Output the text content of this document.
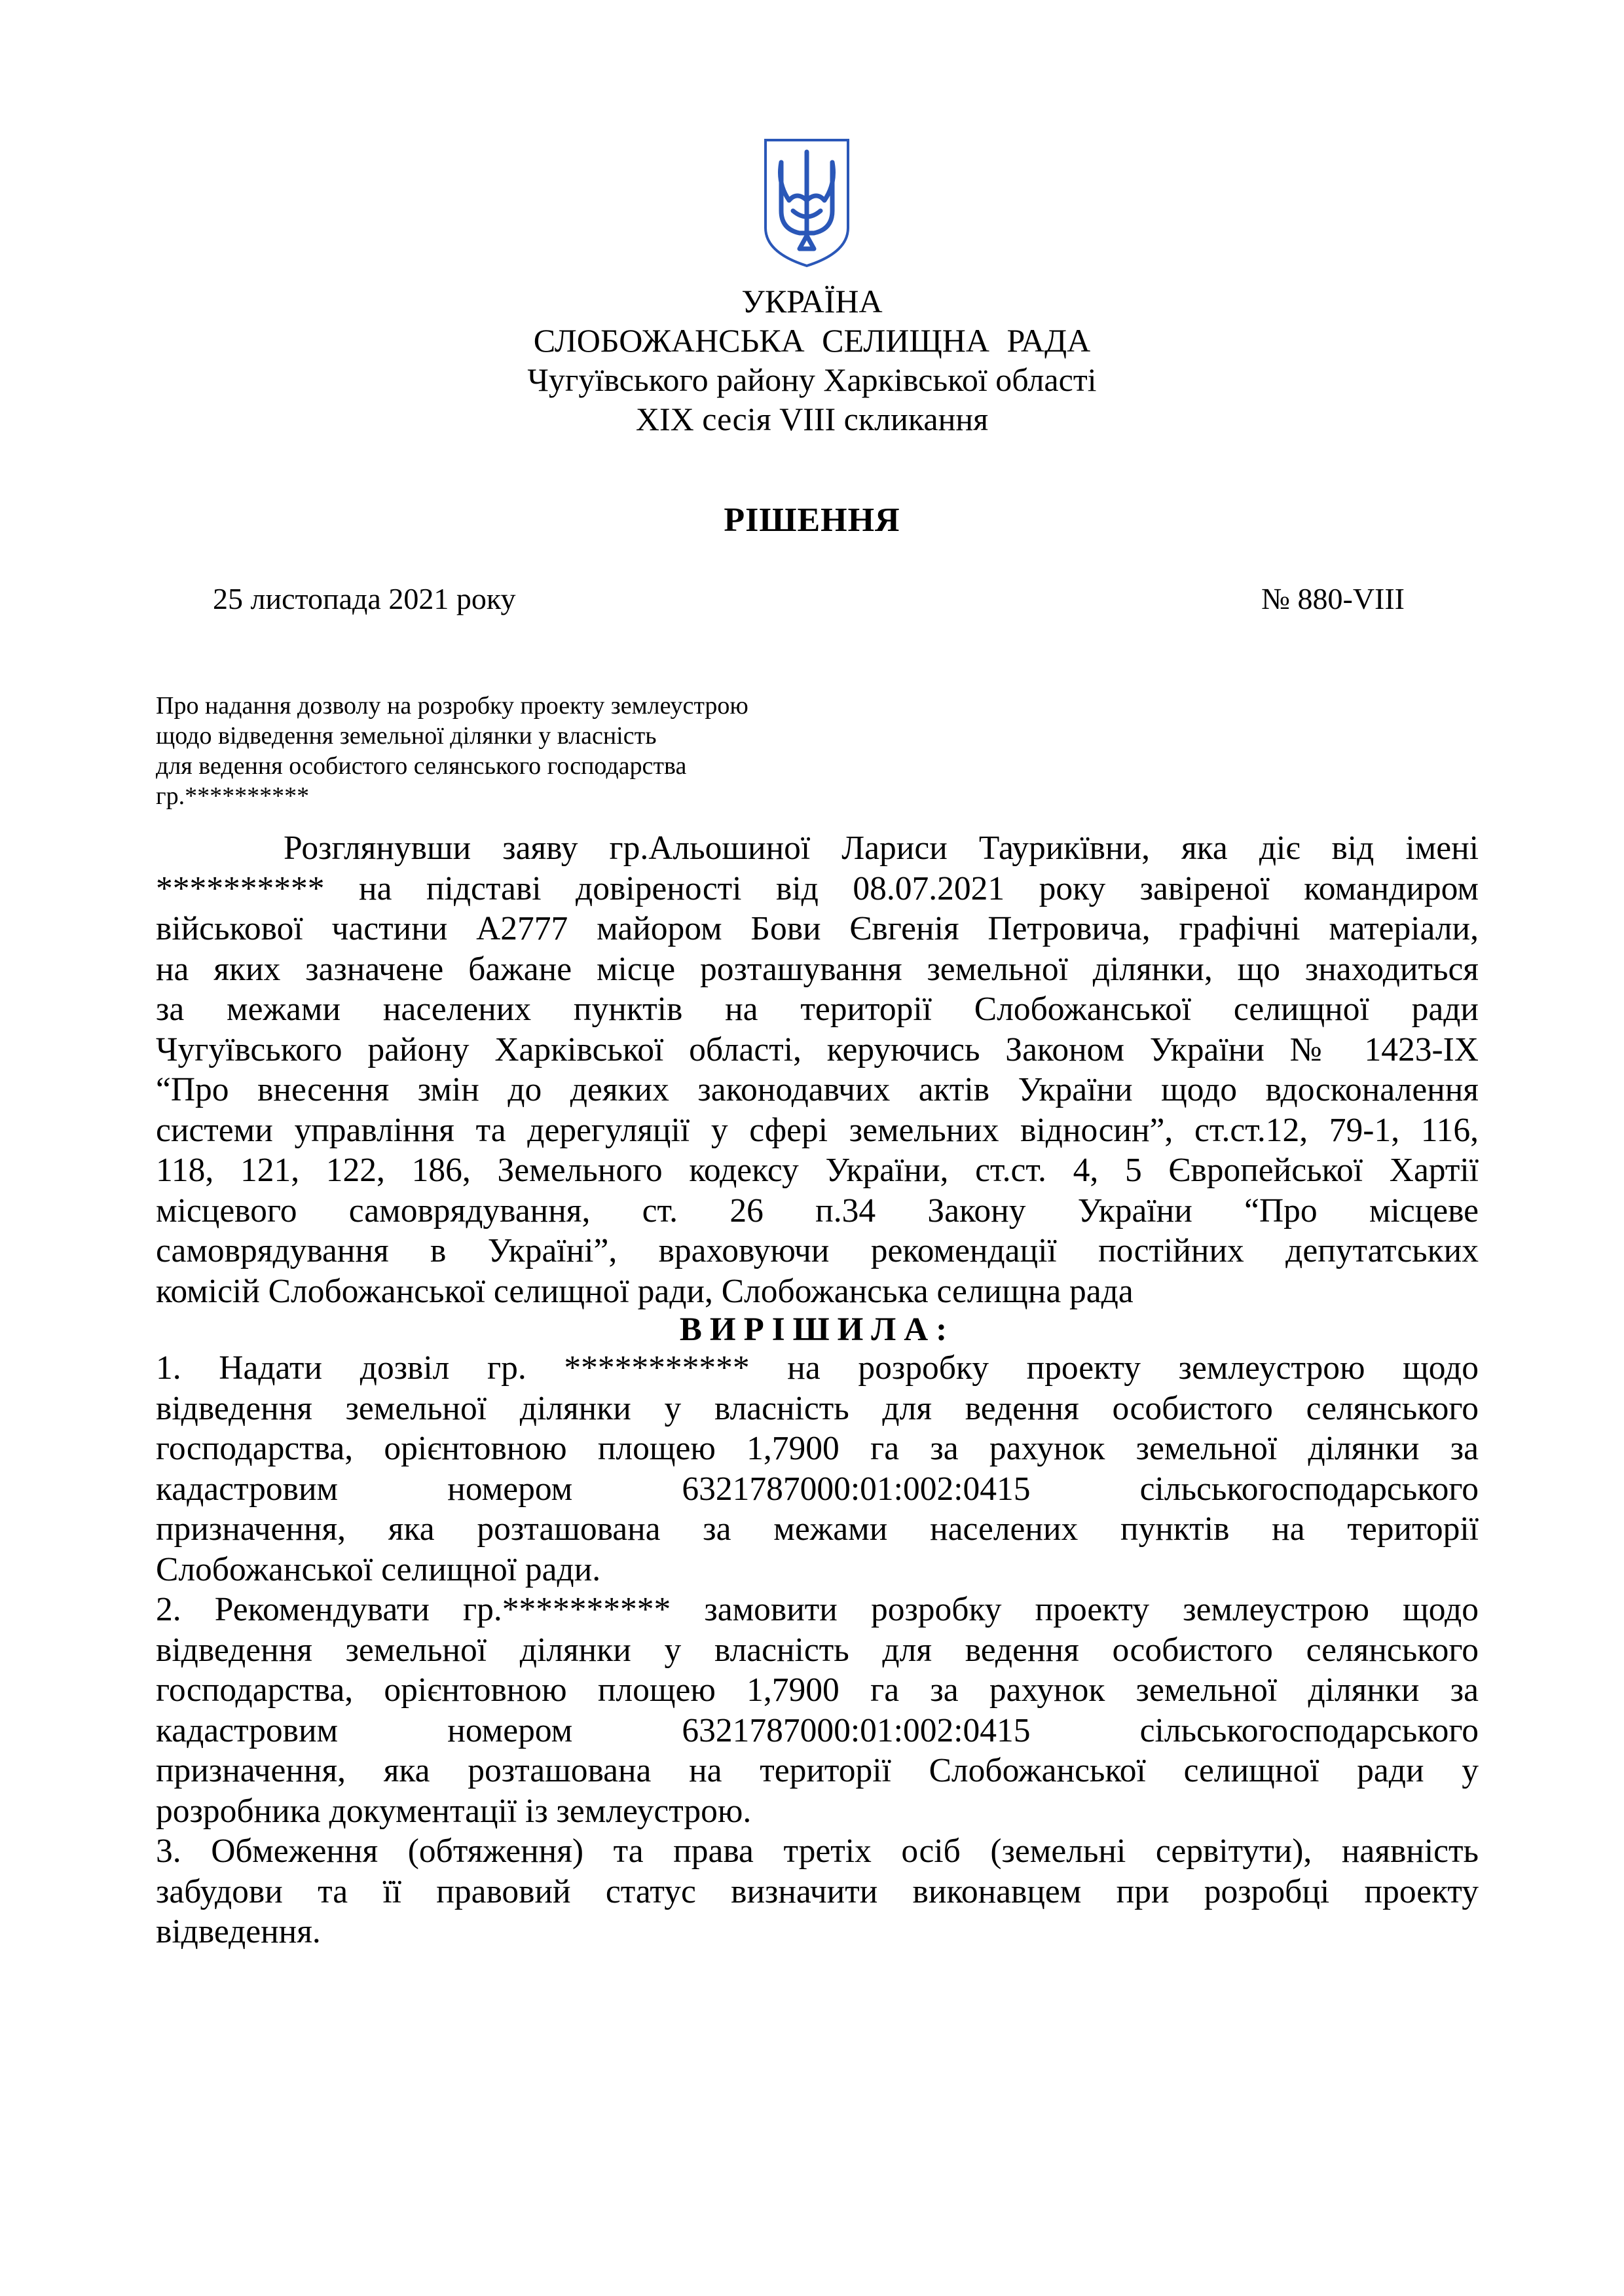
УКРАЇНА
СЛОБОЖАНСЬКА СЕЛИЩНА РАДА
Чугуївського району Харківської області
XIX сесія VIII скликання
РІШЕННЯ
25 листопада 2021 року	№ 880-VIII
Про надання дозволу на розробку проекту землеустрою
щодо відведення земельної ділянки у власність
для ведення особистого селянського господарства
гр.**********
Розглянувши заяву гр.Альошиної Лариси Таурикївни, яка діє від імені
********** на підставі довіреності від 08.07.2021 року завіреної командиром
військової частини А2777 майором Бови Євгенія Петровича, графічні матеріали,
на яких зазначене бажане місце розташування земельної ділянки, що знаходиться
за межами населених пунктів на території Слобожанської селищної ради
Чугуївського району Харківської області, керуючись Законом України № 1423-ІХ
“Про внесення змін до деяких законодавчих актів України щодо вдосконалення
системи управління та дерегуляції у сфері земельних відносин”, ст.ст.12, 79-1, 116,
118, 121, 122, 186, Земельного кодексу України, ст.ст. 4, 5 Європейської Хартії
місцевого самоврядування, ст. 26 п.34 Закону України “Про місцеве
самоврядування в Україні”, враховуючи рекомендації постійних депутатських
комісій Слобожанської селищної ради, Слобожанська селищна рада
ВИРІШИЛА:
1. Надати дозвіл гр. *********** на розробку проекту землеустрою щодо
відведення земельної ділянки у власність для ведення особистого селянського
господарства, орієнтовною площею 1,7900 га за рахунок земельної ділянки за
кадастровим номером 6321787000:01:002:0415 сільськогосподарського
призначення, яка розташована за межами населених пунктів на території
Слобожанської селищної ради.
2. Рекомендувати гр.********** замовити розробку проекту землеустрою щодо
відведення земельної ділянки у власність для ведення особистого селянського
господарства, орієнтовною площею 1,7900 га за рахунок земельної ділянки за
кадастровим номером 6321787000:01:002:0415 сільськогосподарського
призначення, яка розташована на території Слобожанської селищної ради у
розробника документації із землеустрою.
3. Обмеження (обтяження) та права третіх осіб (земельні сервітути), наявність
забудови та її правовий статус визначити виконавцем при розробці проекту
відведення.
